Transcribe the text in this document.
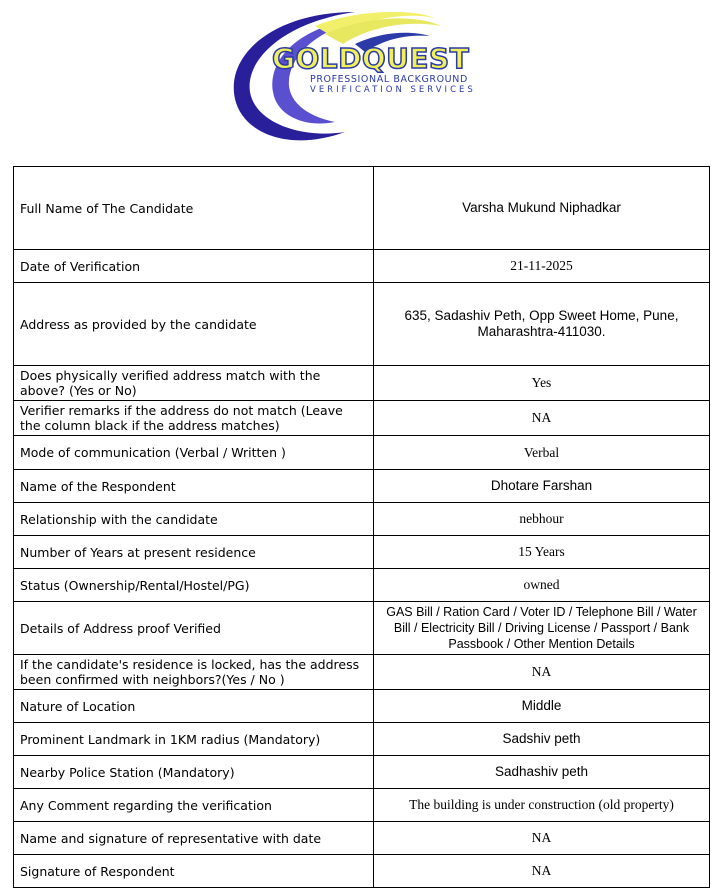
GOLDQUEST
PROFESSIONAL BACKGROUND
VERIFICATION SERVICES
Full Name of The Candidate	Varsha Mukund Niphadkar
Date of Verification	21-11-2025
Address as provided by the candidate	635, Sadashiv Peth, Opp Sweet Home, Pune, Maharashtra-411030.
Does physically verified address match with the above? (Yes or No)	Yes
Verifier remarks if the address do not match (Leave the column black if the address matches)	NA
Mode of communication (Verbal / Written )	Verbal
Name of the Respondent	Dhotare Farshan
Relationship with the candidate	nebhour
Number of Years at present residence	15 Years
Status (Ownership/Rental/Hostel/PG)	owned
Details of Address proof Verified	GAS Bill / Ration Card / Voter ID / Telephone Bill / Water Bill / Electricity Bill / Driving License / Passport / Bank Passbook / Other Mention Details
If the candidate's residence is locked, has the address been confirmed with neighbors?(Yes / No )	NA
Nature of Location	Middle
Prominent Landmark in 1KM radius (Mandatory)	Sadshiv peth
Nearby Police Station (Mandatory)	Sadhashiv peth
Any Comment regarding the verification	The building is under construction (old property)
Name and signature of representative with date	NA
Signature of Respondent	NA
